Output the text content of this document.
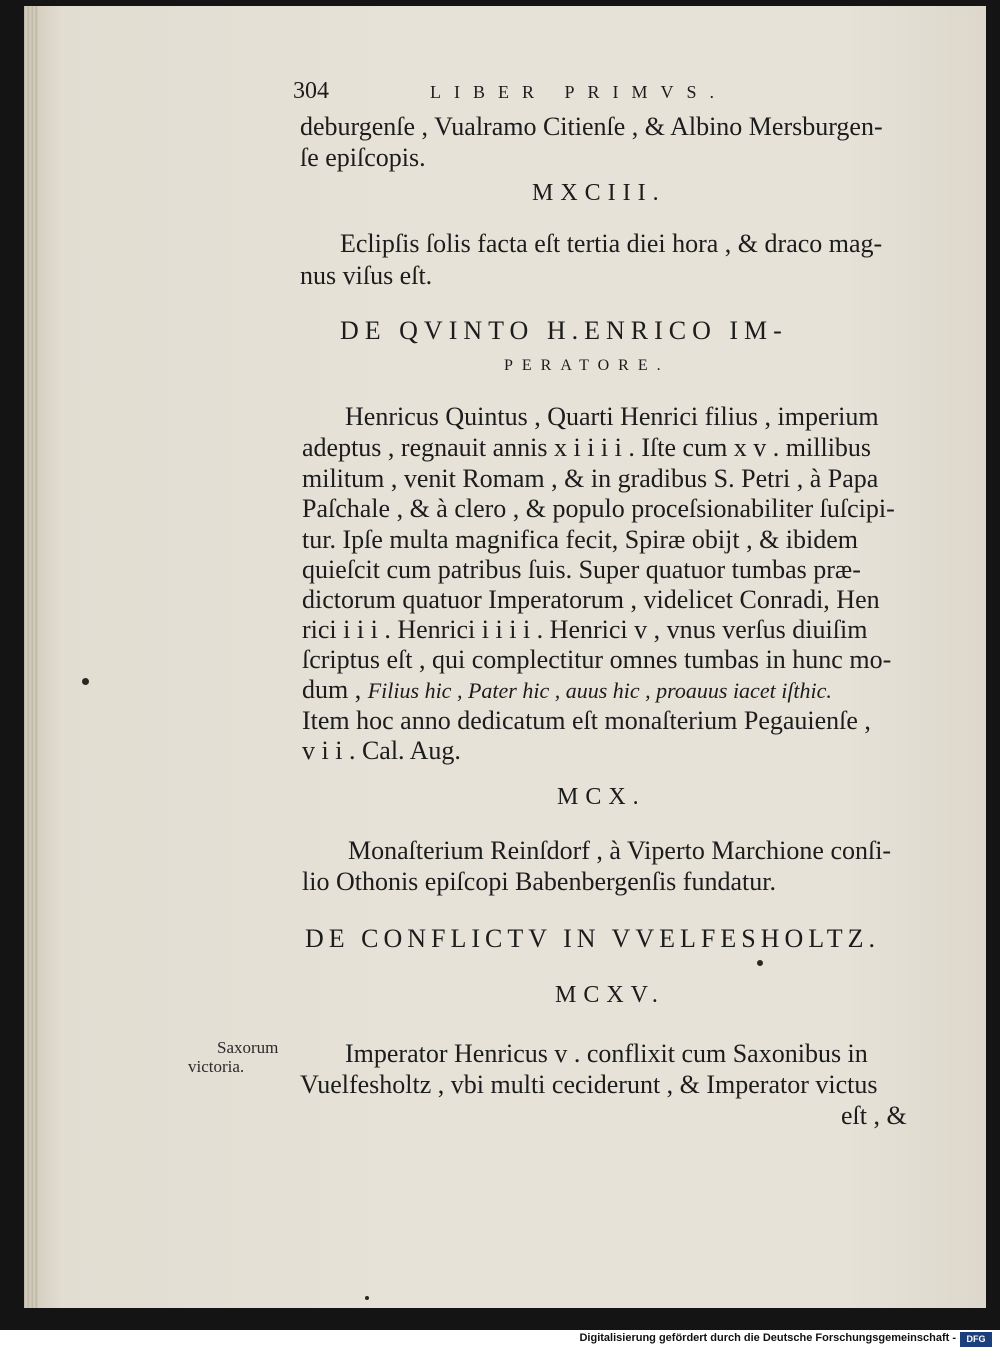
304	LIBER PRIMVS.

deburgenſe , Vualramo Citienſe , & Albino Mersburgen-

ſe epiſcopis.

MXCIII.

Eclipſis ſolis facta eſt tertia diei hora , & draco mag-

nus viſus eſt.

DE QVINTO H.ENRICO IM-

PERATORE.

Henricus Quintus , Quarti Henrici filius , imperium

adeptus , regnauit annis x i i i i . Iſte cum x v . millibus

militum , venit Romam , & in gradibus S. Petri , à Papa

Paſchale , & à clero , & populo proceſsionabiliter ſuſcipi-

tur. Ipſe multa magnifica fecit, Spiræ obijt , & ibidem

quieſcit cum patribus ſuis. Super quatuor tumbas præ-

dictorum quatuor Imperatorum , videlicet Conradi, Hen

rici i i i . Henrici i i i i . Henrici v , vnus verſus diuiſim

ſcriptus eſt , qui complectitur omnes tumbas in hunc mo-

dum , Filius hic , Pater hic , auus hic , proauus iacet iſthic.

Item hoc anno dedicatum eſt monaſterium Pegauienſe ,

v i i . Cal. Aug.

MCX.

Monaſterium Reinſdorf , à Viperto Marchione conſi-

lio Othonis epiſcopi Babenbergenſis fundatur.

DE CONFLICTV IN VVELFESHOLTZ.

MCXV.

Saxorum

victoria.	Imperator Henricus v . conflixit cum Saxonibus in

Vuelfesholtz , vbi multi ceciderunt , & Imperator victus

eſt , &

Digitalisierung gefördert durch die Deutsche Forschungsgemeinschaft -	DFG
